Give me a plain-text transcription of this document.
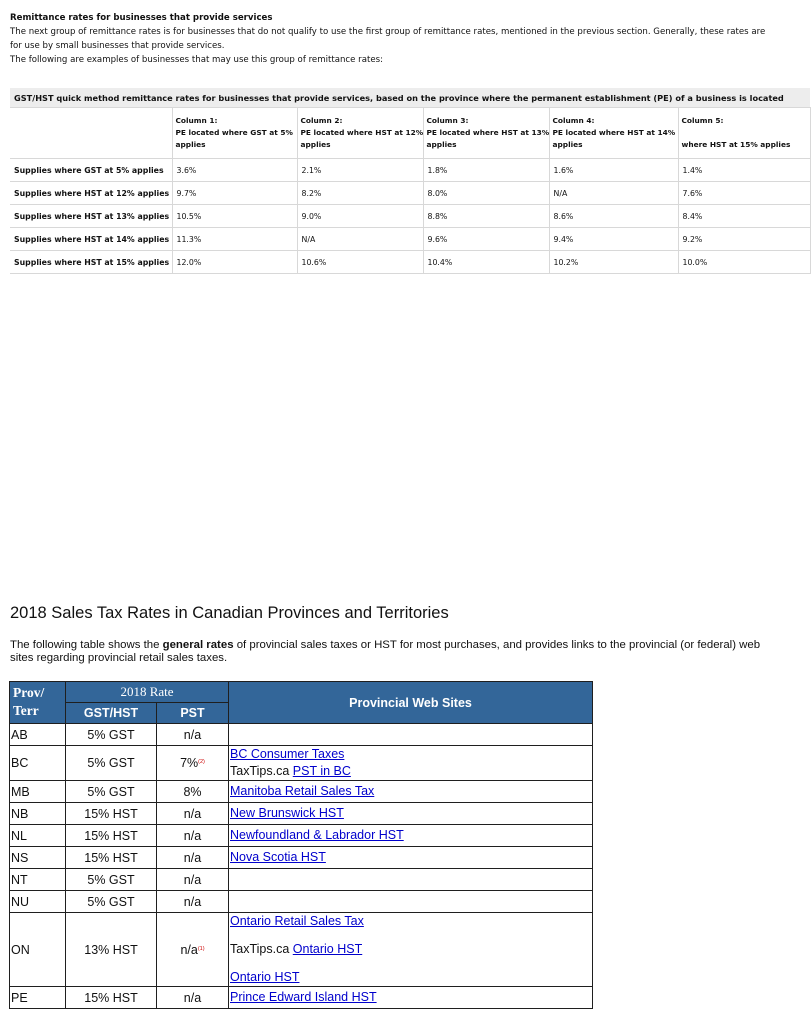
Remittance rates for businesses that provide services

The next group of remittance rates is for businesses that do not qualify to use the first group of remittance rates, mentioned in the previous section. Generally, these rates are for use by small businesses that provide services.

The following are examples of businesses that may use this group of remittance rates:

GST/HST quick method remittance rates for businesses that provide services, based on the province where the permanent establishment (PE) of a business is located					
	Column 1:
PE located where GST at 5%
applies	Column 2:
PE located where HST at 12%
applies	Column 3:
PE located where HST at 13%
applies	Column 4:
PE located where HST at 14%
applies	Column 5:

where HST at 15% applies
Supplies where GST at 5% applies	3.6%	2.1%	1.8%	1.6%	1.4%
Supplies where HST at 12% applies	9.7%	8.2%	8.0%	N/A	7.6%
Supplies where HST at 13% applies	10.5%	9.0%	8.8%	8.6%	8.4%
Supplies where HST at 14% applies	11.3%	N/A	9.6%	9.4%	9.2%
Supplies where HST at 15% applies	12.0%	10.6%	10.4%	10.2%	10.0%
2018 Sales Tax Rates in Canadian Provinces and Territories

The following table shows the general rates of provincial sales taxes or HST for most purchases, and provides links to the provincial (or federal) web sites regarding provincial retail sales taxes.

Prov/
Terr	2018 Rate		Provincial Web Sites
	GST/HST	PST	
AB	5% GST	n/a	
BC	5% GST	7%$^{(2)}$	BC Consumer Taxes
TaxTips.ca PST in BC

MB	5% GST	8%	Manitoba Retail Sales Tax

NB	15% HST	n/a	New Brunswick HST

NL	15% HST	n/a	Newfoundland & Labrador HST

NS	15% HST	n/a	Nova Scotia HST

NT	5% GST	n/a	
NU	5% GST	n/a	
ON	13% HST	$n/a^{(1)}$	Ontario Retail Sales Tax
TaxTips.ca Ontario HST
Ontario HST

PE	15% HST	n/a	Prince Edward Island HST
